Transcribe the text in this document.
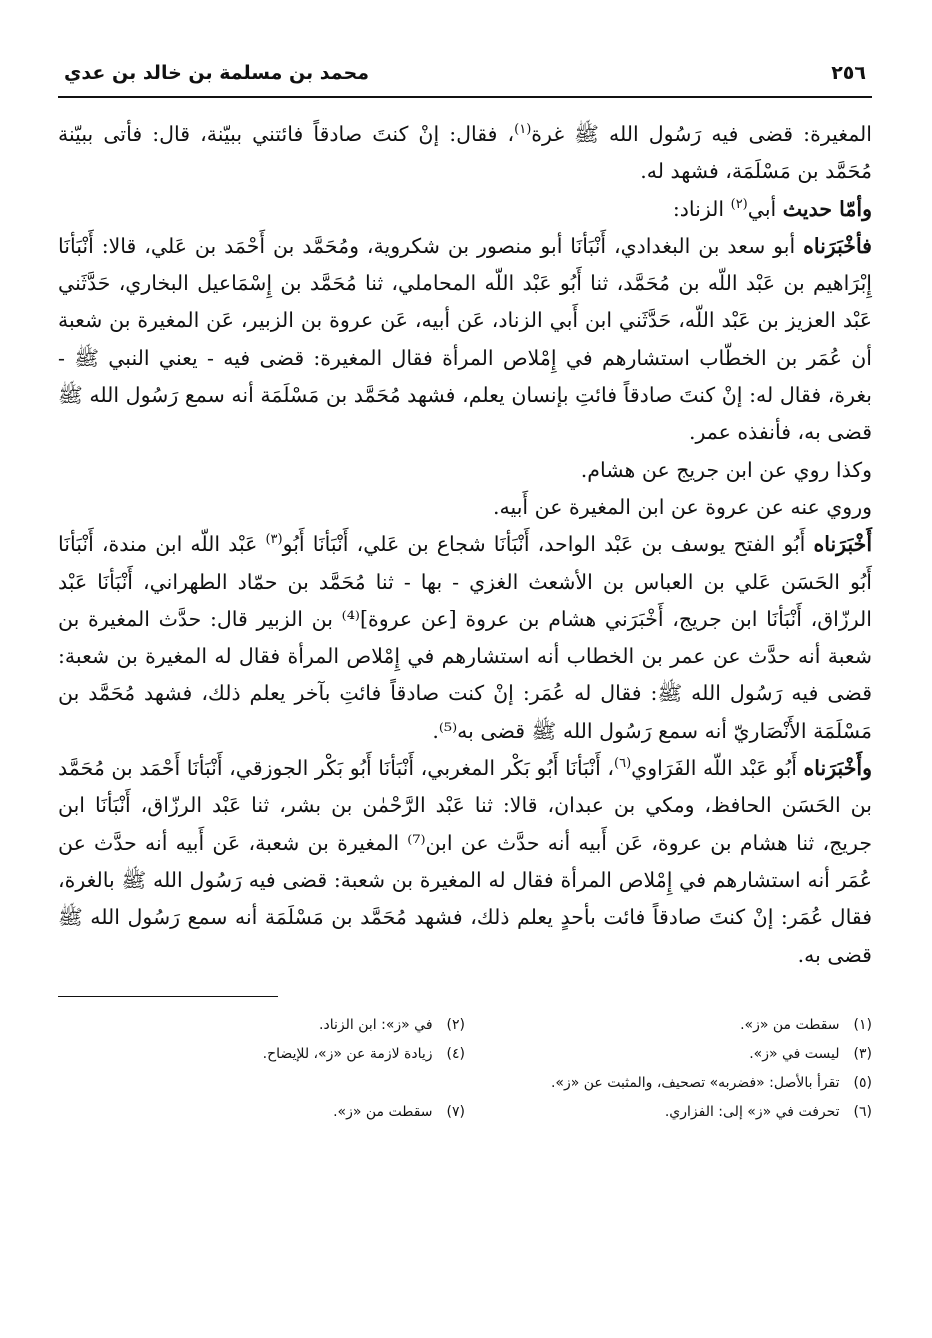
٢٥٦
محمد بن مسلمة بن خالد بن عدي

المغيرة: قضى فيه رَسُول الله ﷺ غرة$^{(١)}$، فقال: إنْ كنتَ صادقاً فائتني ببيّنة، قال: فأتى ببيّنة مُحَمَّد بن مَسْلَمَة، فشهد له.

وأمّا حديث أبي$^{(٢)}$ الزناد:

فأخْبَرَناه أبو سعد بن البغدادي، أَنْبَأنَا أبو منصور بن شكروية، ومُحَمَّد بن أَحْمَد بن عَلي، قالا: أَنْبَأنَا إِبْرَاهيم بن عَبْد اللّه بن مُحَمَّد، ثنا أَبُو عَبْد اللّه المحاملي، ثنا مُحَمَّد بن إِسْمَاعيل البخاري، حَدَّثَني عَبْد العزيز بن عَبْد اللّه، حَدَّثَني ابن أَبي الزناد، عَن أبيه، عَن عروة بن الزبير، عَن المغيرة بن شعبة أن عُمَر بن الخطّاب استشارهم في إِمْلاص المرأة فقال المغيرة: قضى فيه - يعني النبي ﷺ - بغرة، فقال له: إنْ كنتَ صادقاً فائتِ بإنسان يعلم، فشهد مُحَمَّد بن مَسْلَمَة أنه سمع رَسُول الله ﷺ قضى به، فأنفذه عمر.

وكذا روي عن ابن جريج عن هشام.

وروي عنه عن عروة عن ابن المغيرة عن أَبيه.

أَخْبَرَناه أَبُو الفتح يوسف بن عَبْد الواحد، أَنْبَأنَا شجاع بن عَلي، أَنْبَأنَا أَبُو$^{(٣)}$ عَبْد اللّه ابن مندة، أَنْبَأنَا أَبُو الحَسَن عَلي بن العباس بن الأشعث الغزي - بها - ثنا مُحَمَّد بن حمّاد الطهراني، أَنْبَأنَا عَبْد الرزّاق، أَنْبَأنَا ابن جريج، أَخْبَرَني هشام بن عروة [عن عروة]⁽⁴⁾ بن الزبير قال: حدَّث المغيرة بن شعبة أنه حدَّث عن عمر بن الخطاب أنه استشارهم في إِمْلاص المرأة فقال له المغيرة بن شعبة: قضى فيه رَسُول الله ﷺ: فقال له عُمَر: إنْ كنت صادقاً فائتِ بآخر يعلم ذلك، فشهد مُحَمَّد بن مَسْلَمَة الأَنْصَاريّ أنه سمع رَسُول الله ﷺ قضى به⁽⁵⁾.

وأَخْبَرَناه أَبُو عَبْد اللّه الفَرَاوي$^{(٦)}$، أَنْبَأنَا أَبُو بَكْر المغربي، أَنْبَأنَا أَبُو بَكْر الجوزقي، أَنْبَأنَا أَحْمَد بن مُحَمَّد بن الحَسَن الحافظ، ومكي بن عبدان، قالا: ثنا عَبْد الرَّحْمٰن بن بشر، ثنا عَبْد الرزّاق، أَنْبَأنَا ابن جريج، ثنا هشام بن عروة، عَن أَبيه أنه حدَّث عن ابن⁽⁷⁾ المغيرة بن شعبة، عَن أَبيه أنه حدَّث عن عُمَر أنه استشارهم في إِمْلاص المرأة فقال له المغيرة بن شعبة: قضى فيه رَسُول الله ﷺ بالغرة، فقال عُمَر: إنْ كنتَ صادقاً فائت بأحدٍ يعلم ذلك، فشهد مُحَمَّد بن مَسْلَمَة أنه سمع رَسُول الله ﷺ قضى به.

(١) سقطت من «ز».
(٢) في «ز»: ابن الزناد.
(٣) ليست في «ز».
(٤) زيادة لازمة عن «ز»، للإيضاح.
(٥) تقرأ بالأصل: «فضربه» تصحيف، والمثبت عن «ز».
(٦) تحرفت في «ز» إلى: الفزاري.
(٧) سقطت من «ز».
